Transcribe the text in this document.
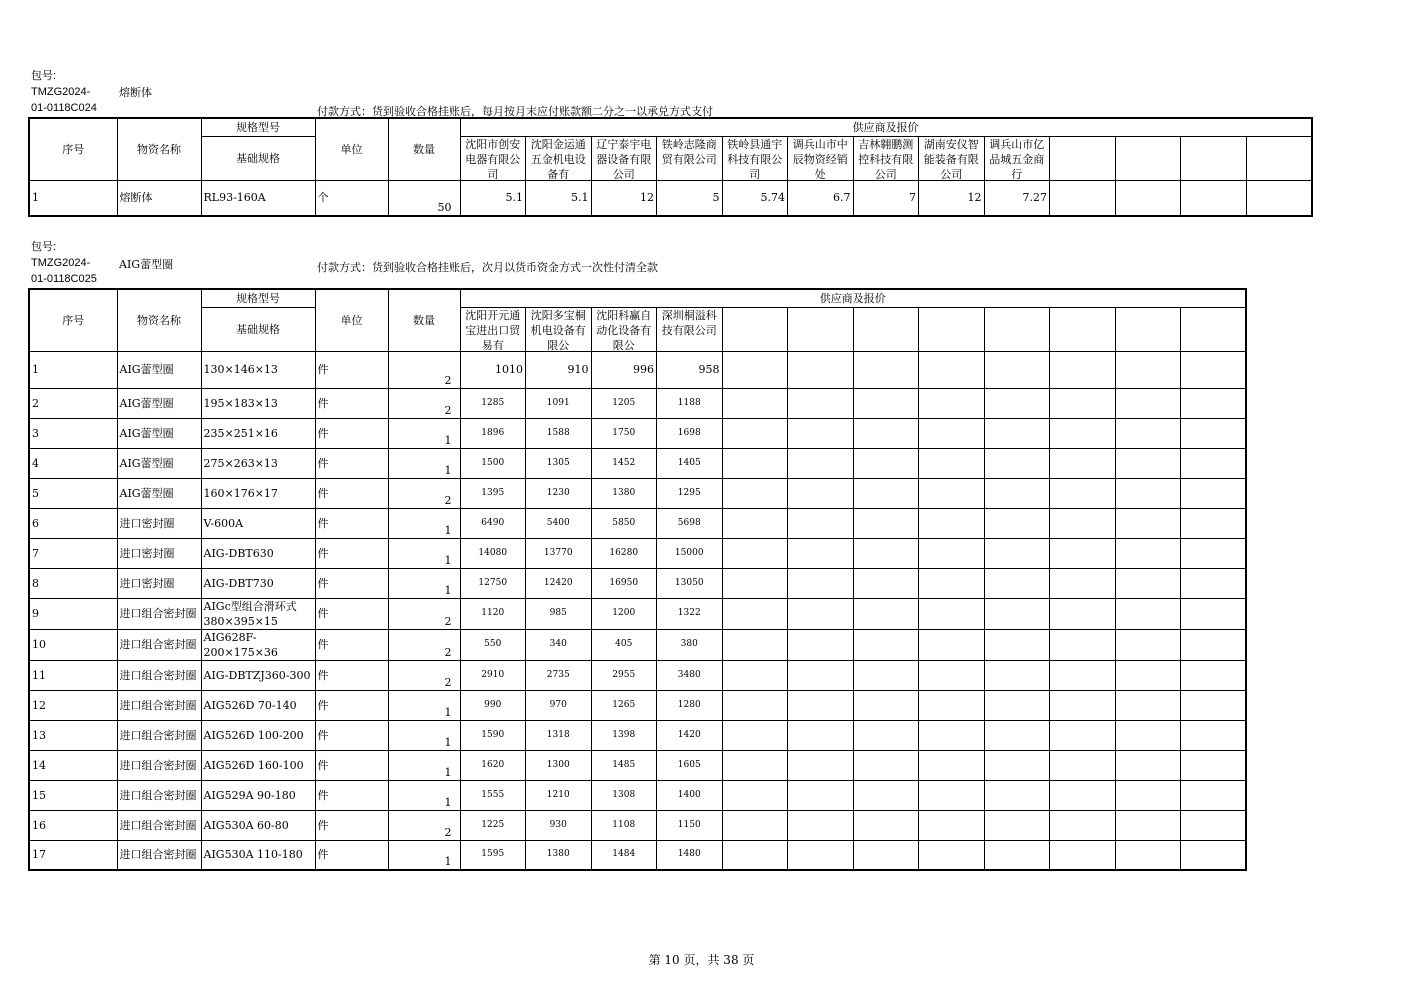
包号:
TMZG2024-
01-0118C024
熔断体
付款方式：货到验收合格挂账后，每月按月末应付账款额二分之一以承兑方式支付
序号	物资名称	规格型号	单位	数量	供应商及报价												
		基础规格			沈阳市创安电器有限公司	沈阳金运通五金机电设备有	辽宁泰宇电器设备有限公司	铁岭志隆商贸有限公司	铁岭县通宇科技有限公司	调兵山市中辰物资经销处	吉林翱鹏测控科技有限公司	湖南安仪智能装备有限公司	调兵山市亿品城五金商行				

1	熔断体	RL93-160A	个	50	5.1	5.1	12	5	5.74	6.7	7	12	7.27				
包号:
TMZG2024-
01-0118C025
AIG蕾型圈	付款方式：货到验收合格挂账后，次月以货币资金方式一次性付清全款
序号	物资名称	规格型号	单位	数量	供应商及报价											
		基础规格			沈阳开元通宝进出口贸易有	沈阳多宝桐机电设备有限公	沈阳科赢自动化设备有限公	深圳桐溢科技有限公司								

1	AIG蕾型圈	130×146×13	件	2	1010	910	996	958								
2	AIG蕾型圈	195×183×13	件	2	1285	1091	1205	1188								
3	AIG蕾型圈	235×251×16	件	1	1896	1588	1750	1698								
4	AIG蕾型圈	275×263×13	件	1	1500	1305	1452	1405								
5	AIG蕾型圈	160×176×17	件	2	1395	1230	1380	1295								
6	进口密封圈	V-600A	件	1	6490	5400	5850	5698								
7	进口密封圈	AIG-DBT630	件	1	14080	13770	16280	15000								
8	进口密封圈	AIG-DBT730	件	1	12750	12420	16950	13050								
9	进口组合密封圈	AIGc型组合滑环式380×395×15	件	2	1120	985	1200	1322								
10	进口组合密封圈	AIG628F-200×175×36	件	2	550	340	405	380								
11	进口组合密封圈	AIG-DBTZJ360-300	件	2	2910	2735	2955	3480								
12	进口组合密封圈	AIG526D 70-140	件	1	990	970	1265	1280								
13	进口组合密封圈	AIG526D 100-200	件	1	1590	1318	1398	1420								
14	进口组合密封圈	AIG526D 160-100	件	1	1620	1300	1485	1605								
15	进口组合密封圈	AIG529A 90-180	件	1	1555	1210	1308	1400								
16	进口组合密封圈	AIG530A 60-80	件	2	1225	930	1108	1150								
17	进口组合密封圈	AIG530A 110-180	件	1	1595	1380	1484	1480								
第 10 页，共 38 页
